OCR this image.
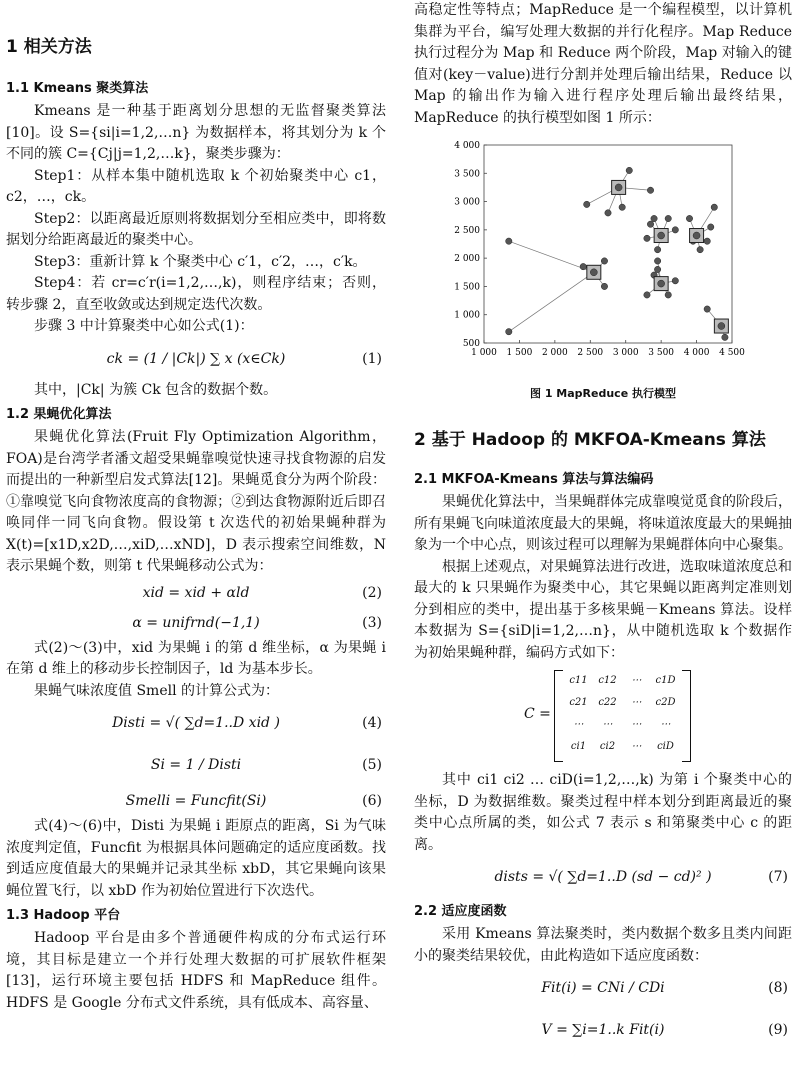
1 相关方法
1.1 Kmeans 聚类算法

Kmeans 是一种基于距离划分思想的无监督聚类算法[10]。设 S={si|i=1,2,…n} 为数据样本，将其划分为 k 个不同的簇 C={Cj|j=1,2,…k}，聚类步骤为：

Step1：从样本集中随机选取 k 个初始聚类中心 c1，c2，…，ck。

Step2：以距离最近原则将数据划分至相应类中，即将数据划分给距离最近的聚类中心。

Step3：重新计算 k 个聚类中心 c′1，c′2，…，c′k。

Step4：若 cr=c′r(i=1,2,…,k)，则程序结束；否则，转步骤 2，直至收敛或达到规定迭代次数。

步骤 3 中计算聚类中心如公式(1)：

ck = (1 / |Ck|) ∑ x (x∈Ck)	(1)

其中，|Ck| 为簇 Ck 包含的数据个数。

1.2 果蝇优化算法

果蝇优化算法(Fruit Fly Optimization Algorithm，FOA)是台湾学者潘文超受果蝇靠嗅觉快速寻找食物源的启发而提出的一种新型启发式算法[12]。果蝇觅食分为两个阶段：①靠嗅觉飞向食物浓度高的食物源；②到达食物源附近后即召唤同伴一同飞向食物。假设第 t 次迭代的初始果蝇种群为 X(t)=[x1D,x2D,…,xiD,…xND]，D 表示搜索空间维数，N 表示果蝇个数，则第 t 代果蝇移动公式为：

xid = xid + αld	(2)
α = unifrnd(−1,1)	(3)

式(2)～(3)中，xid 为果蝇 i 的第 d 维坐标，α 为果蝇 i 在第 d 维上的移动步长控制因子，ld 为基本步长。

果蝇气味浓度值 Smell 的计算公式为：

Disti = √( ∑d=1..D xid )	(4)
Si = 1 / Disti	(5)
Smelli = Funcfit(Si)	(6)

式(4)～(6)中，Disti 为果蝇 i 距原点的距离，Si 为气味浓度判定值，Funcfit 为根据具体问题确定的适应度函数。找到适应度值最大的果蝇并记录其坐标 xbD，其它果蝇向该果蝇位置飞行，以 xbD 作为初始位置进行下次迭代。

1.3 Hadoop 平台

Hadoop 平台是由多个普通硬件构成的分布式运行环境，其目标是建立一个并行处理大数据的可扩展软件框架[13]，运行环境主要包括 HDFS 和 MapReduce 组件。HDFS 是 Google 分布式文件系统，具有低成本、高容量、

高稳定性等特点；MapReduce 是一个编程模型，以计算机集群为平台，编写处理大数据的并行化程序。Map Reduce 执行过程分为 Map 和 Reduce 两个阶段，Map 对输入的键值对(key－value)进行分割并处理后输出结果，Reduce 以 Map 的输出作为输入进行程序处理后输出最终结果，MapReduce 的执行模型如图 1 所示：

1 000 1 500 2 000 2 500 3 000 3 500 4 000 4 500
500
1 000
1 500
2 000
2 500
3 000
3 500
4 000
图 1 MapReduce 执行模型
2 基于 Hadoop 的 MKFOA-Kmeans 算法
2.1 MKFOA-Kmeans 算法与算法编码

果蝇优化算法中，当果蝇群体完成靠嗅觉觅食的阶段后，所有果蝇飞向味道浓度最大的果蝇，将味道浓度最大的果蝇抽象为一个中心点，则该过程可以理解为果蝇群体向中心聚集。

根据上述观点，对果蝇算法进行改进，选取味道浓度总和最大的 k 只果蝇作为聚类中心，其它果蝇以距离判定准则划分到相应的类中，提出基于多核果蝇－Kmeans 算法。设样本数据为 S={siD|i=1,2,…n}，从中随机选取 k 个数据作为初始果蝇种群，编码方式如下：

C =
c11	c12	⋯	c1D
c21	c22	⋯	c2D
⋯	⋯	⋯	⋯
ci1	ci2	⋯	ciD

其中 ci1 ci2 … ciD(i=1,2,…,k) 为第 i 个聚类中心的坐标，D 为数据维数。聚类过程中样本划分到距离最近的聚类中心点所属的类，如公式 7 表示 s 和第聚类中心 c 的距离。

dists = √( ∑d=1..D (sd − cd)² )	(7)
2.2 适应度函数

采用 Kmeans 算法聚类时，类内数据个数多且类内间距小的聚类结果较优，由此构造如下适应度函数：

Fit(i) = CNi / CDi	(8)
V = ∑i=1..k Fit(i)	(9)
